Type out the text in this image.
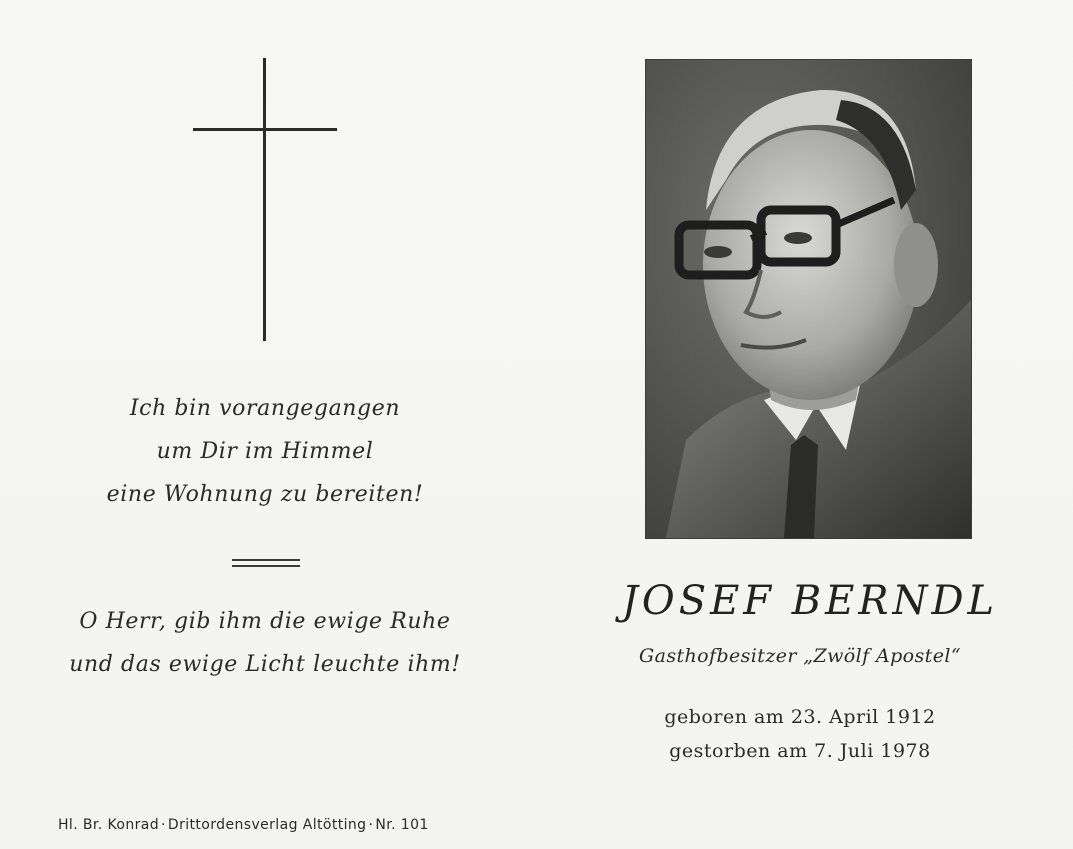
Ich bin vorangegangen
um Dir im Himmel
eine Wohnung zu bereiten!
O Herr, gib ihm die ewige Ruhe
und das ewige Licht leuchte ihm!
Hl. Br. Konrad · Drittordensverlag Altötting · Nr. 101
JOSEF BERNDL
Gasthofbesitzer „Zwölf Apostel“
geboren am 23. April 1912
gestorben am 7. Juli 1978
